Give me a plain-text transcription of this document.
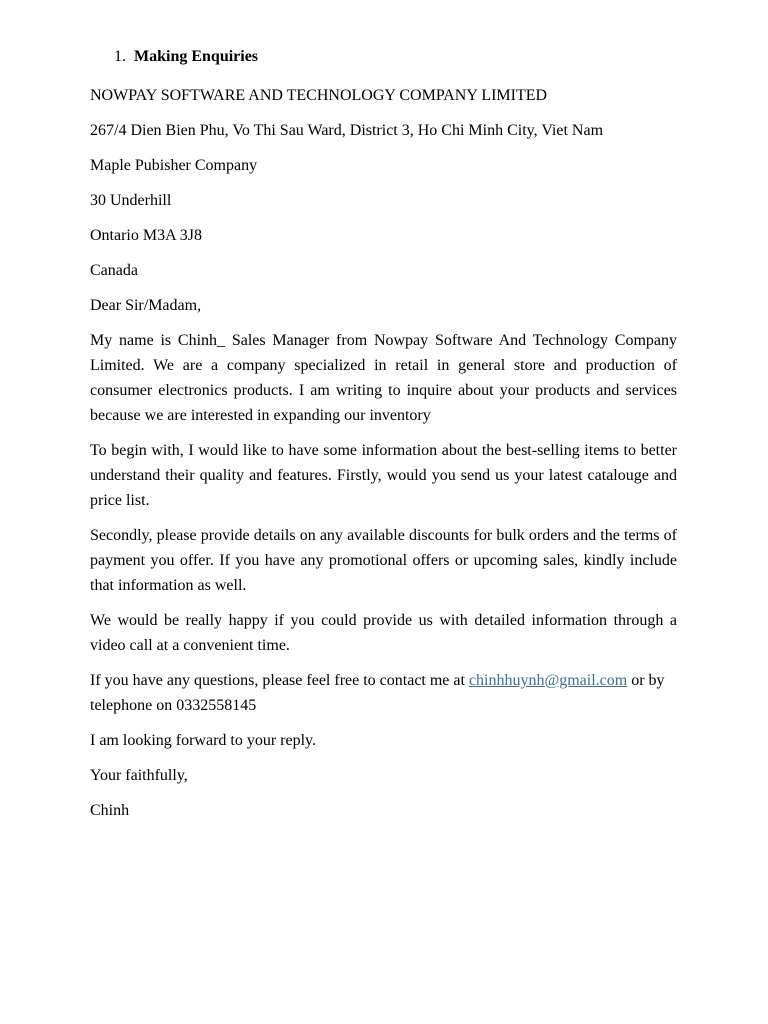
1. Making Enquiries

NOWPAY SOFTWARE AND TECHNOLOGY COMPANY LIMITED

267/4 Dien Bien Phu, Vo Thi Sau Ward, District 3, Ho Chi Minh City, Viet Nam

Maple Pubisher Company

30 Underhill

Ontario M3A 3J8

Canada

Dear Sir/Madam,

My name is Chinh_ Sales Manager from Nowpay Software And Technology Company Limited. We are a company specialized in retail in general store and production of consumer electronics products. I am writing to inquire about your products and services because we are interested in expanding our inventory

To begin with, I would like to have some information about the best-selling items to better understand their quality and features. Firstly, would you send us your latest catalouge and price list.

Secondly, please provide details on any available discounts for bulk orders and the terms of payment you offer. If you have any promotional offers or upcoming sales, kindly include that information as well.

We would be really happy if you could provide us with detailed information through a video call at a convenient time.

If you have any questions, please feel free to contact me at chinhhuynh@gmail.com or by telephone on 0332558145

I am looking forward to your reply.

Your faithfully,

Chinh
